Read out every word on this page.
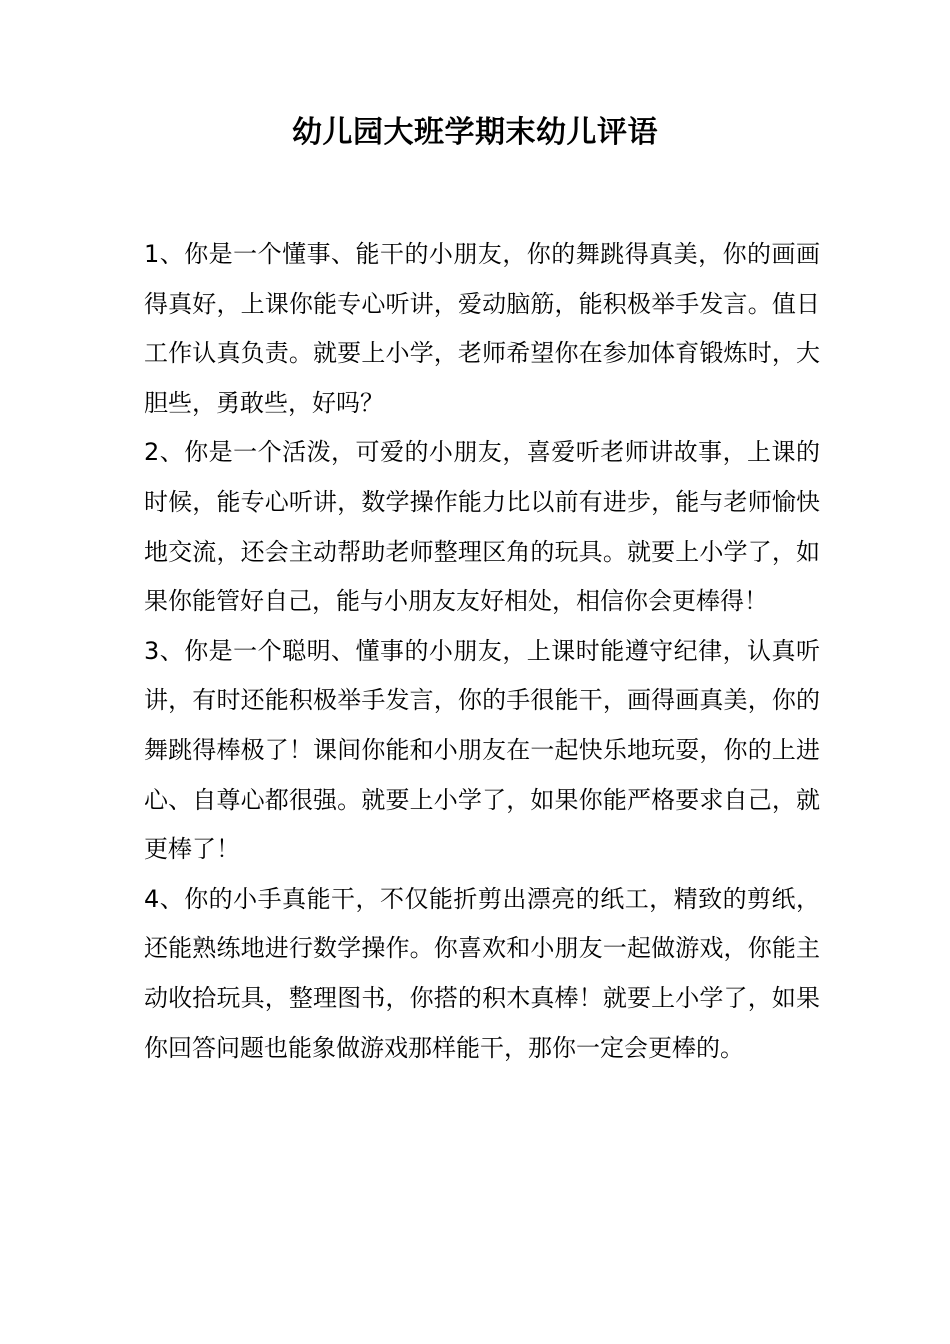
幼儿园大班学期末幼儿评语

1、你是一个懂事、能干的小朋友，你的舞跳得真美，你的画画得真好，上课你能专心听讲，爱动脑筋，能积极举手发言。值日工作认真负责。就要上小学，老师希望你在参加体育锻炼时，大胆些，勇敢些，好吗？

2、你是一个活泼，可爱的小朋友，喜爱听老师讲故事，上课的时候，能专心听讲，数学操作能力比以前有进步，能与老师愉快地交流，还会主动帮助老师整理区角的玩具。就要上小学了，如果你能管好自己，能与小朋友友好相处，相信你会更棒得！

3、你是一个聪明、懂事的小朋友，上课时能遵守纪律，认真听讲，有时还能积极举手发言，你的手很能干，画得画真美，你的舞跳得棒极了！课间你能和小朋友在一起快乐地玩耍，你的上进心、自尊心都很强。就要上小学了，如果你能严格要求自己，就更棒了！

4、你的小手真能干，不仅能折剪出漂亮的纸工，精致的剪纸，还能熟练地进行数学操作。你喜欢和小朋友一起做游戏，你能主动收拾玩具，整理图书，你搭的积木真棒！就要上小学了，如果你回答问题也能象做游戏那样能干，那你一定会更棒的。
